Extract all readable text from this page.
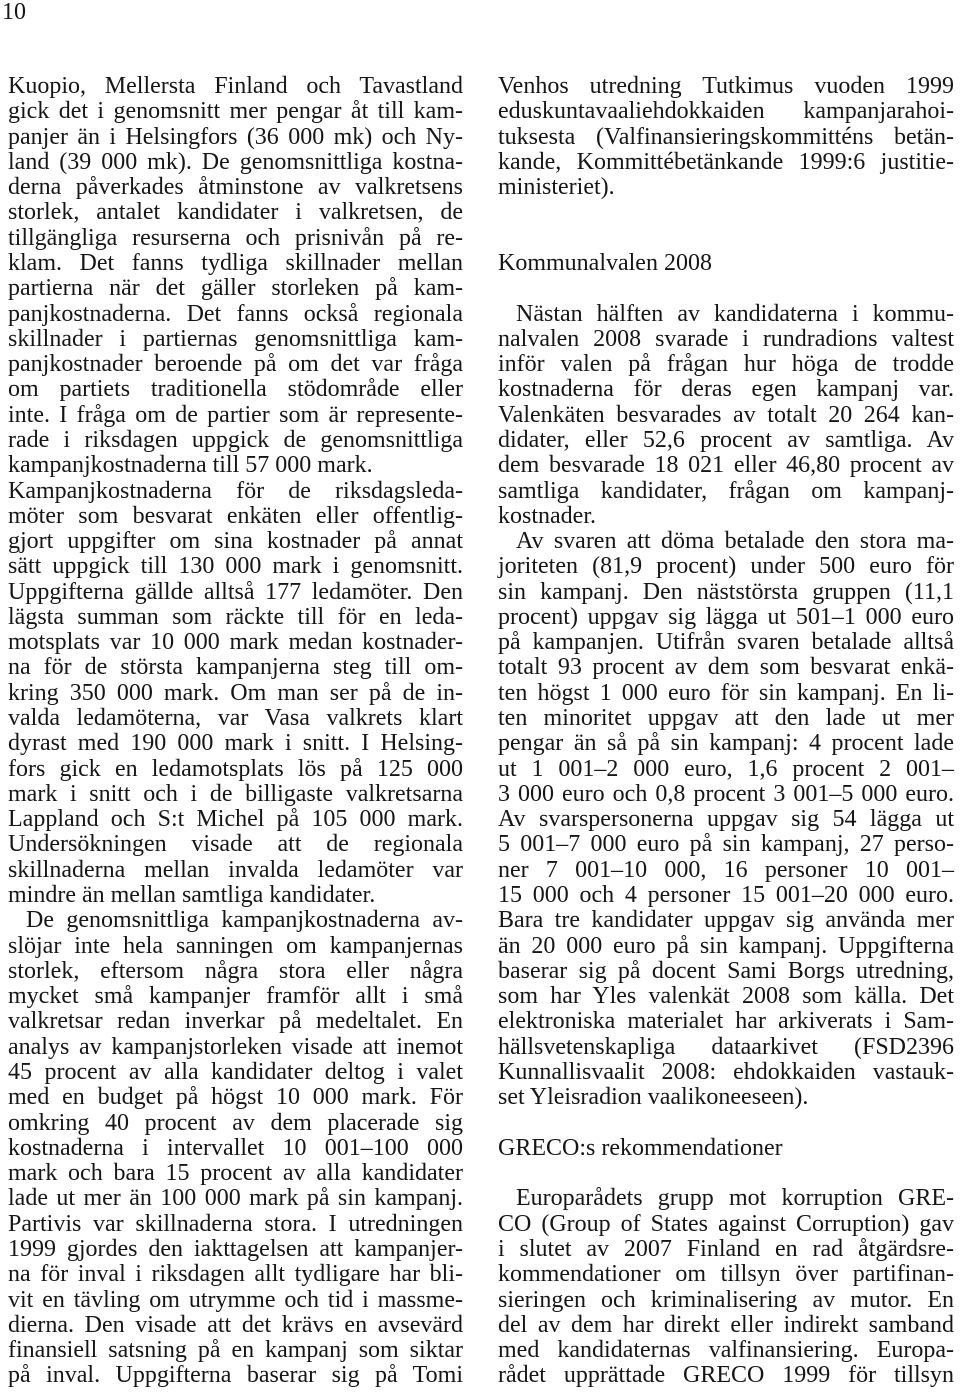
10
Kuopio, Mellersta Finland och Tavastland
gick det i genomsnitt mer pengar åt till kam-
panjer än i Helsingfors (36 000 mk) och Ny-
land (39 000 mk). De genomsnittliga kostna-
derna påverkades åtminstone av valkretsens
storlek, antalet kandidater i valkretsen, de
tillgängliga resurserna och prisnivån på re-
klam. Det fanns tydliga skillnader mellan
partierna när det gäller storleken på kam-
panjkostnaderna. Det fanns också regionala
skillnader i partiernas genomsnittliga kam-
panjkostnader beroende på om det var fråga
om partiets traditionella stödområde eller
inte. I fråga om de partier som är represente-
rade i riksdagen uppgick de genomsnittliga
kampanjkostnaderna till 57 000 mark.
Kampanjkostnaderna för de riksdagsleda-
möter som besvarat enkäten eller offentlig-
gjort uppgifter om sina kostnader på annat
sätt uppgick till 130 000 mark i genomsnitt.
Uppgifterna gällde alltså 177 ledamöter. Den
lägsta summan som räckte till för en leda-
motsplats var 10 000 mark medan kostnader-
na för de största kampanjerna steg till om-
kring 350 000 mark. Om man ser på de in-
valda ledamöterna, var Vasa valkrets klart
dyrast med 190 000 mark i snitt. I Helsing-
fors gick en ledamotsplats lös på 125 000
mark i snitt och i de billigaste valkretsarna
Lappland och S:t Michel på 105 000 mark.
Undersökningen visade att de regionala
skillnaderna mellan invalda ledamöter var
mindre än mellan samtliga kandidater.
De genomsnittliga kampanjkostnaderna av-
slöjar inte hela sanningen om kampanjernas
storlek, eftersom några stora eller några
mycket små kampanjer framför allt i små
valkretsar redan inverkar på medeltalet. En
analys av kampanjstorleken visade att inemot
45 procent av alla kandidater deltog i valet
med en budget på högst 10 000 mark. För
omkring 40 procent av dem placerade sig
kostnaderna i intervallet 10 001–100 000
mark och bara 15 procent av alla kandidater
lade ut mer än 100 000 mark på sin kampanj.
Partivis var skillnaderna stora. I utredningen
1999 gjordes den iakttagelsen att kampanjer-
na för inval i riksdagen allt tydligare har bli-
vit en tävling om utrymme och tid i massme-
dierna. Den visade att det krävs en avsevärd
finansiell satsning på en kampanj som siktar
på inval. Uppgifterna baserar sig på Tomi
Venhos utredning Tutkimus vuoden 1999
eduskuntavaaliehdokkaiden kampanjarahoi-
tuksesta (Valfinansieringskommitténs betän-
kande, Kommittébetänkande 1999:6 justitie-
ministeriet).
Kommunalvalen 2008
Nästan hälften av kandidaterna i kommu-
nalvalen 2008 svarade i rundradions valtest
inför valen på frågan hur höga de trodde
kostnaderna för deras egen kampanj var.
Valenkäten besvarades av totalt 20 264 kan-
didater, eller 52,6 procent av samtliga. Av
dem besvarade 18 021 eller 46,80 procent av
samtliga kandidater, frågan om kampanj-
kostnader.
Av svaren att döma betalade den stora ma-
joriteten (81,9 procent) under 500 euro för
sin kampanj. Den näststörsta gruppen (11,1
procent) uppgav sig lägga ut 501–1 000 euro
på kampanjen. Utifrån svaren betalade alltså
totalt 93 procent av dem som besvarat enkä-
ten högst 1 000 euro för sin kampanj. En li-
ten minoritet uppgav att den lade ut mer
pengar än så på sin kampanj: 4 procent lade
ut 1 001–2 000 euro, 1,6 procent 2 001–
3 000 euro och 0,8 procent 3 001–5 000 euro.
Av svarspersonerna uppgav sig 54 lägga ut
5 001–7 000 euro på sin kampanj, 27 perso-
ner 7 001–10 000, 16 personer 10 001–
15 000 och 4 personer 15 001–20 000 euro.
Bara tre kandidater uppgav sig använda mer
än 20 000 euro på sin kampanj. Uppgifterna
baserar sig på docent Sami Borgs utredning,
som har Yles valenkät 2008 som källa. Det
elektroniska materialet har arkiverats i Sam-
hällsvetenskapliga dataarkivet (FSD2396
Kunnallisvaalit 2008: ehdokkaiden vastauk-
set Yleisradion vaalikoneeseen).
GRECO:s rekommendationer
Europarådets grupp mot korruption GRE-
CO (Group of States against Corruption) gav
i slutet av 2007 Finland en rad åtgärdsre-
kommendationer om tillsyn över partifinan-
sieringen och kriminalisering av mutor. En
del av dem har direkt eller indirekt samband
med kandidaternas valfinansiering. Europa-
rådet upprättade GRECO 1999 för tillsyn
